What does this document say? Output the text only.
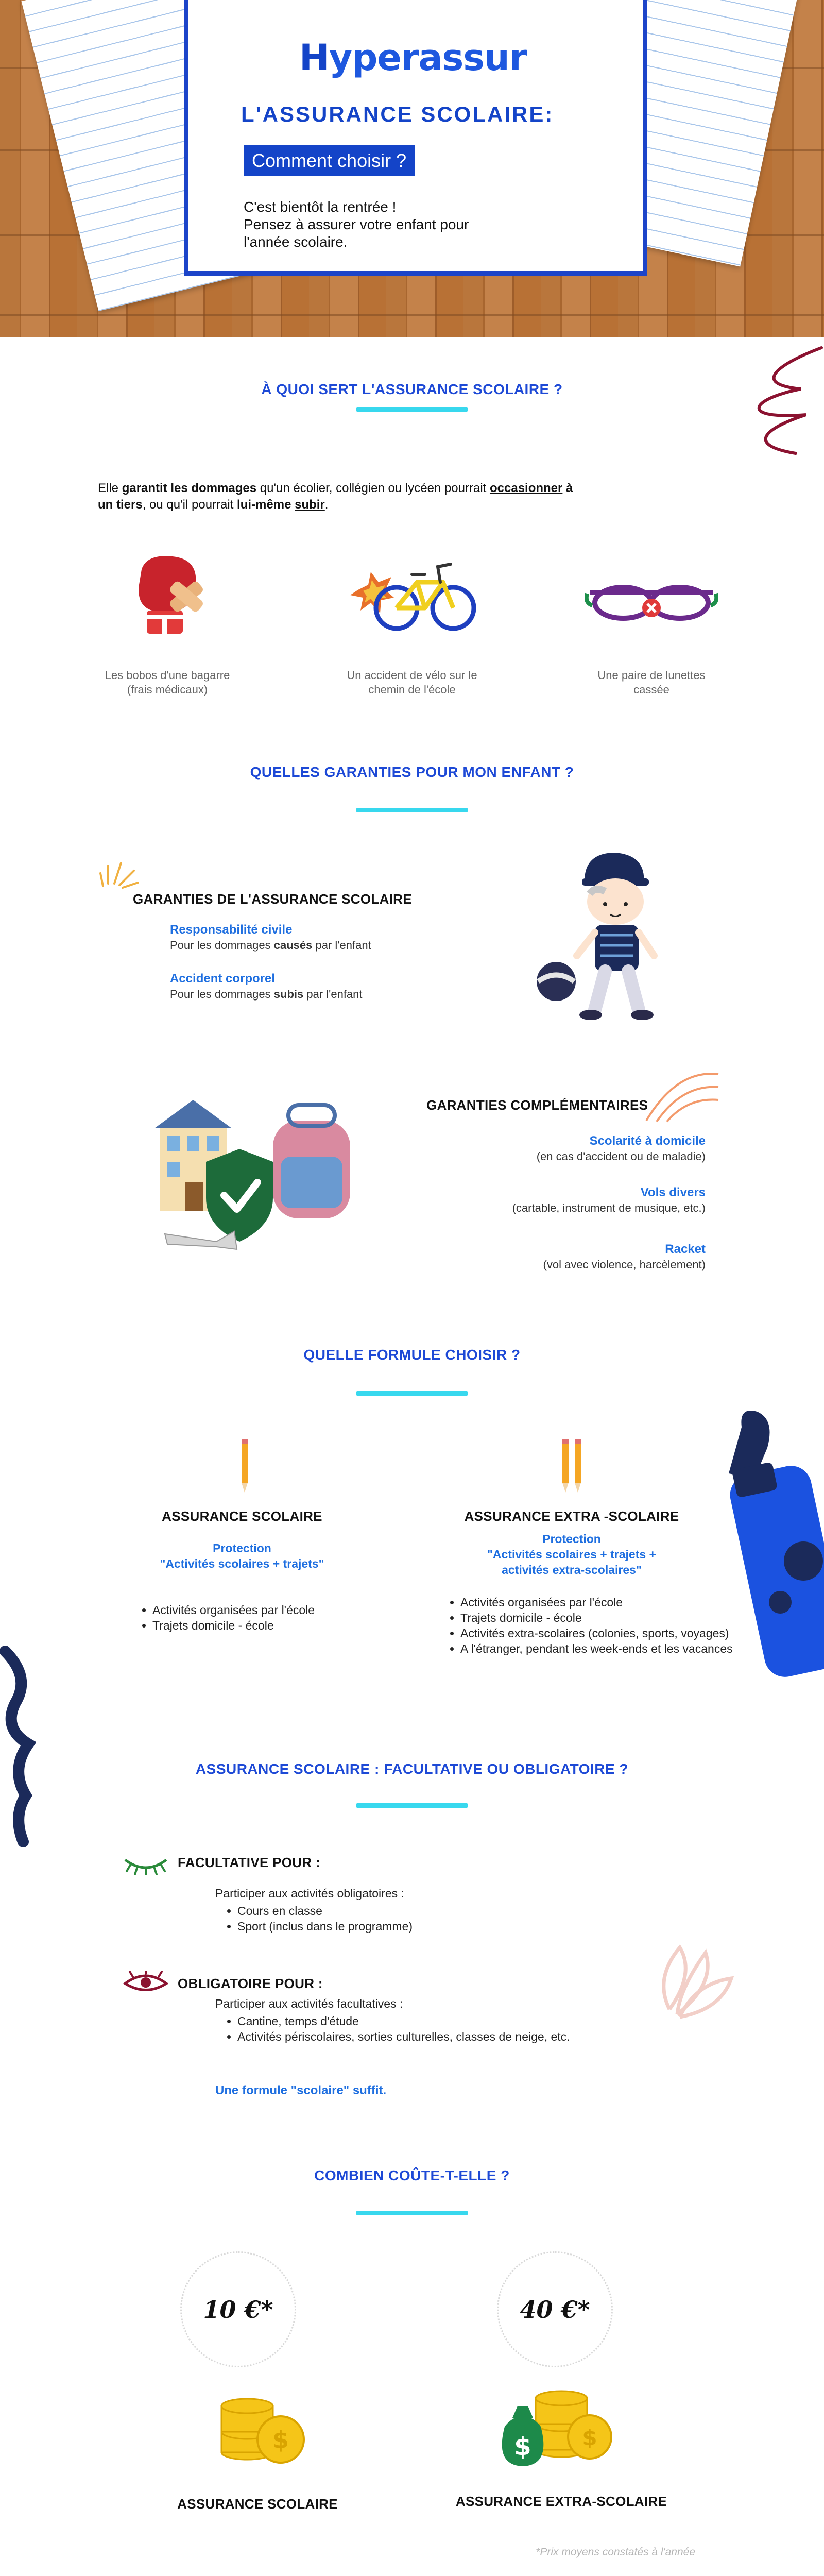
Hyperassur
L'ASSURANCE SCOLAIRE:
Comment choisir ?
C'est bientôt la rentrée !
Pensez à assurer votre enfant pour
l'année scolaire.
À QUOI SERT L'ASSURANCE SCOLAIRE ?
Elle garantit les dommages qu'un écolier, collégien ou lycéen pourrait occasionner à
un tiers, ou qu'il pourrait lui-même subir.
Les bobos d'une bagarre
(frais médicaux)
Un accident de vélo sur le
chemin de l'école
Une paire de lunettes
cassée
QUELLES GARANTIES POUR MON ENFANT ?
GARANTIES DE L'ASSURANCE SCOLAIRE
Responsabilité civile
Pour les dommages causés par l'enfant
Accident corporel
Pour les dommages subis par l'enfant
GARANTIES COMPLÉMENTAIRES
Scolarité à domicile
(en cas d'accident ou de maladie)
Vols divers
(cartable, instrument de musique, etc.)
Racket
(vol avec violence, harcèlement)
QUELLE FORMULE CHOISIR ?
ASSURANCE SCOLAIRE
Protection
"Activités scolaires + trajets"
Activités organisées par l'école
Trajets domicile - école
ASSURANCE EXTRA -SCOLAIRE
Protection
"Activités scolaires + trajets +
activités extra-scolaires"
Activités organisées par l'école
Trajets domicile - école
Activités extra-scolaires (colonies, sports, voyages)
A l'étranger, pendant les week-ends et les vacances
ASSURANCE SCOLAIRE : FACULTATIVE OU OBLIGATOIRE ?
FACULTATIVE POUR :
Participer aux activités obligatoires :
Cours en classe
Sport (inclus dans le programme)
OBLIGATOIRE POUR :
Participer aux activités facultatives :
Cantine, temps d'étude
Activités périscolaires, sorties culturelles, classes de neige, etc.
Une formule "scolaire" suffit.
COMBIEN COÛTE-T-ELLE ?
10 €*	40 €*
$
ASSURANCE SCOLAIRE
$
$
ASSURANCE EXTRA-SCOLAIRE
*Prix moyens constatés à l'année
